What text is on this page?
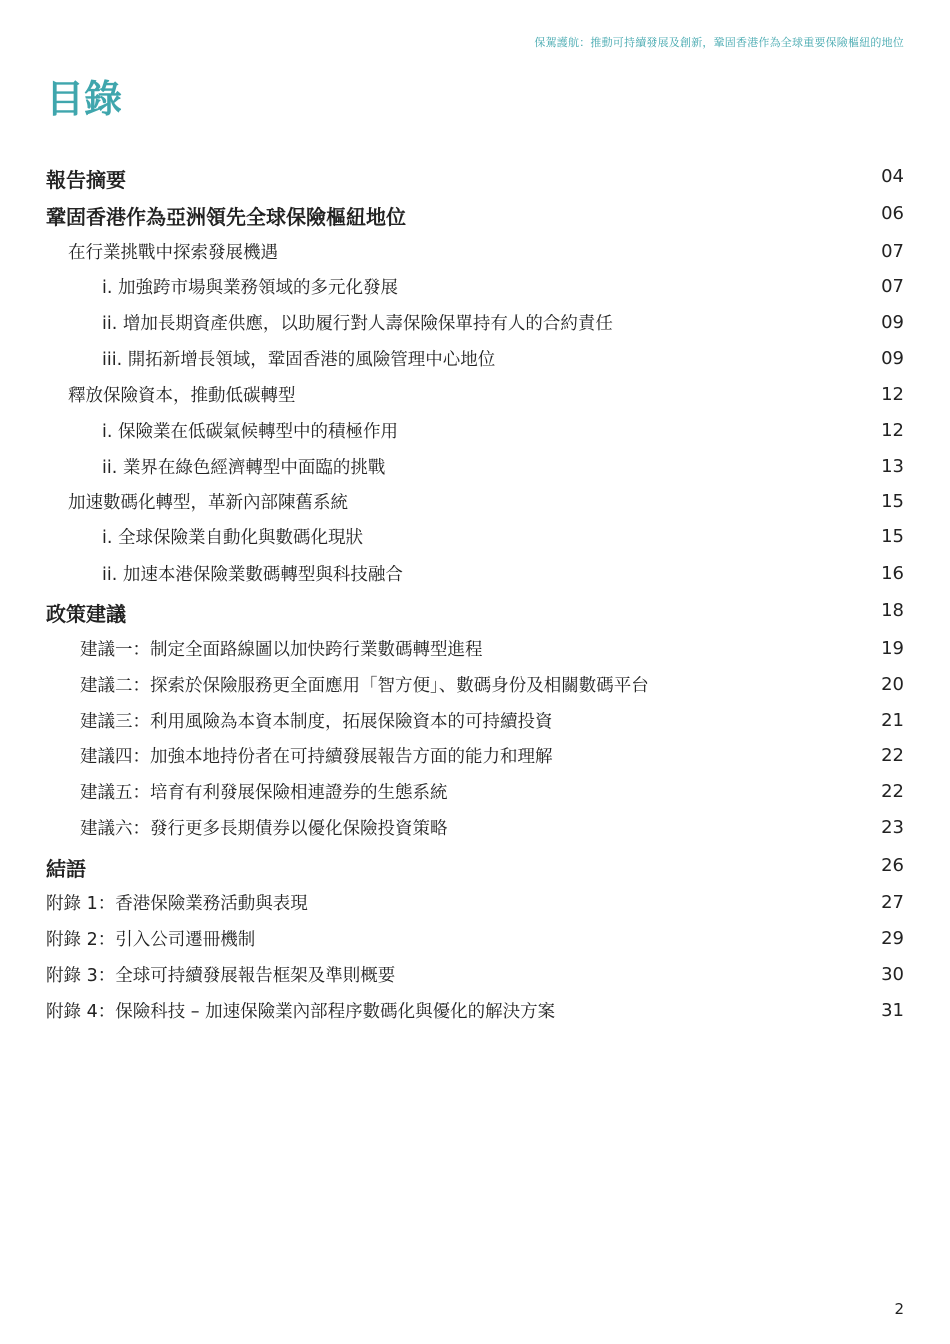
保駕護航：推動可持續發展及創新，鞏固香港作為全球重要保險樞紐的地位
目錄
報告摘要	04
鞏固香港作為亞洲領先全球保險樞紐地位	06
在行業挑戰中探索發展機遇	07
i. 加強跨市場與業務領域的多元化發展	07
ii. 增加長期資產供應，以助履行對人壽保險保單持有人的合約責任	09
iii. 開拓新增長領域，鞏固香港的風險管理中心地位	09
釋放保險資本，推動低碳轉型	12
i. 保險業在低碳氣候轉型中的積極作用	12
ii. 業界在綠色經濟轉型中面臨的挑戰	13
加速數碼化轉型，革新內部陳舊系統	15
i. 全球保險業自動化與數碼化現狀	15
ii. 加速本港保險業數碼轉型與科技融合	16
政策建議	18
建議一：制定全面路線圖以加快跨行業數碼轉型進程	19
建議二：探索於保險服務更全面應用「智方便」、數碼身份及相關數碼平台	20
建議三：利用風險為本資本制度，拓展保險資本的可持續投資	21
建議四：加強本地持份者在可持續發展報告方面的能力和理解	22
建議五：培育有利發展保險相連證券的生態系統	22
建議六：發行更多長期債券以優化保險投資策略	23
結語	26
附錄 1：香港保險業務活動與表現	27
附錄 2：引入公司遷冊機制	29
附錄 3：全球可持續發展報告框架及準則概要	30
附錄 4：保險科技 – 加速保險業內部程序數碼化與優化的解決方案	31
2
